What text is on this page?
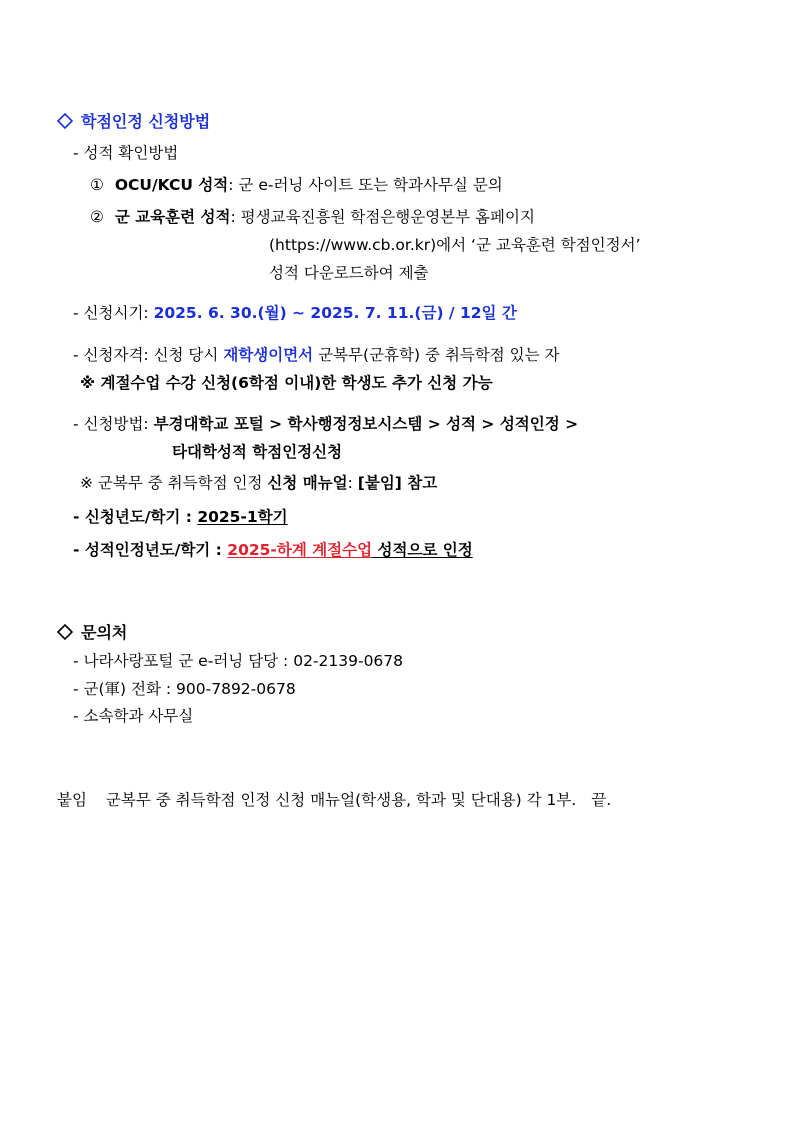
학점인정 신청방법
- 성적 확인방법
① OCU/KCU 성적: 군 e-러닝 사이트 또는 학과사무실 문의
② 군 교육훈련 성적: 평생교육진흥원 학점은행운영본부 홈페이지
(https://www.cb.or.kr)에서 ‘군 교육훈련 학점인정서’
성적 다운로드하여 제출
- 신청시기: 2025. 6. 30.(월) ~ 2025. 7. 11.(금) / 12일 간
- 신청자격: 신청 당시 재학생이면서 군복무(군휴학) 중 취득학점 있는 자
※ 계절수업 수강 신청(6학점 이내)한 학생도 추가 신청 가능
- 신청방법: 부경대학교 포털 > 학사행정정보시스템 > 성적 > 성적인정 >
타대학성적 학점인정신청
※ 군복무 중 취득학점 인정 신청 매뉴얼: [붙임] 참고
- 신청년도/학기 : 2025-1학기
- 성적인정년도/학기 : 2025-하계 계절수업 성적으로 인정
문의처
- 나라사랑포털 군 e-러닝 담당 : 02-2139-0678
- 군(軍) 전화 : 900-7892-0678
- 소속학과 사무실
붙임 군복무 중 취득학점 인정 신청 매뉴얼(학생용, 학과 및 단대용) 각 1부. 끝.
